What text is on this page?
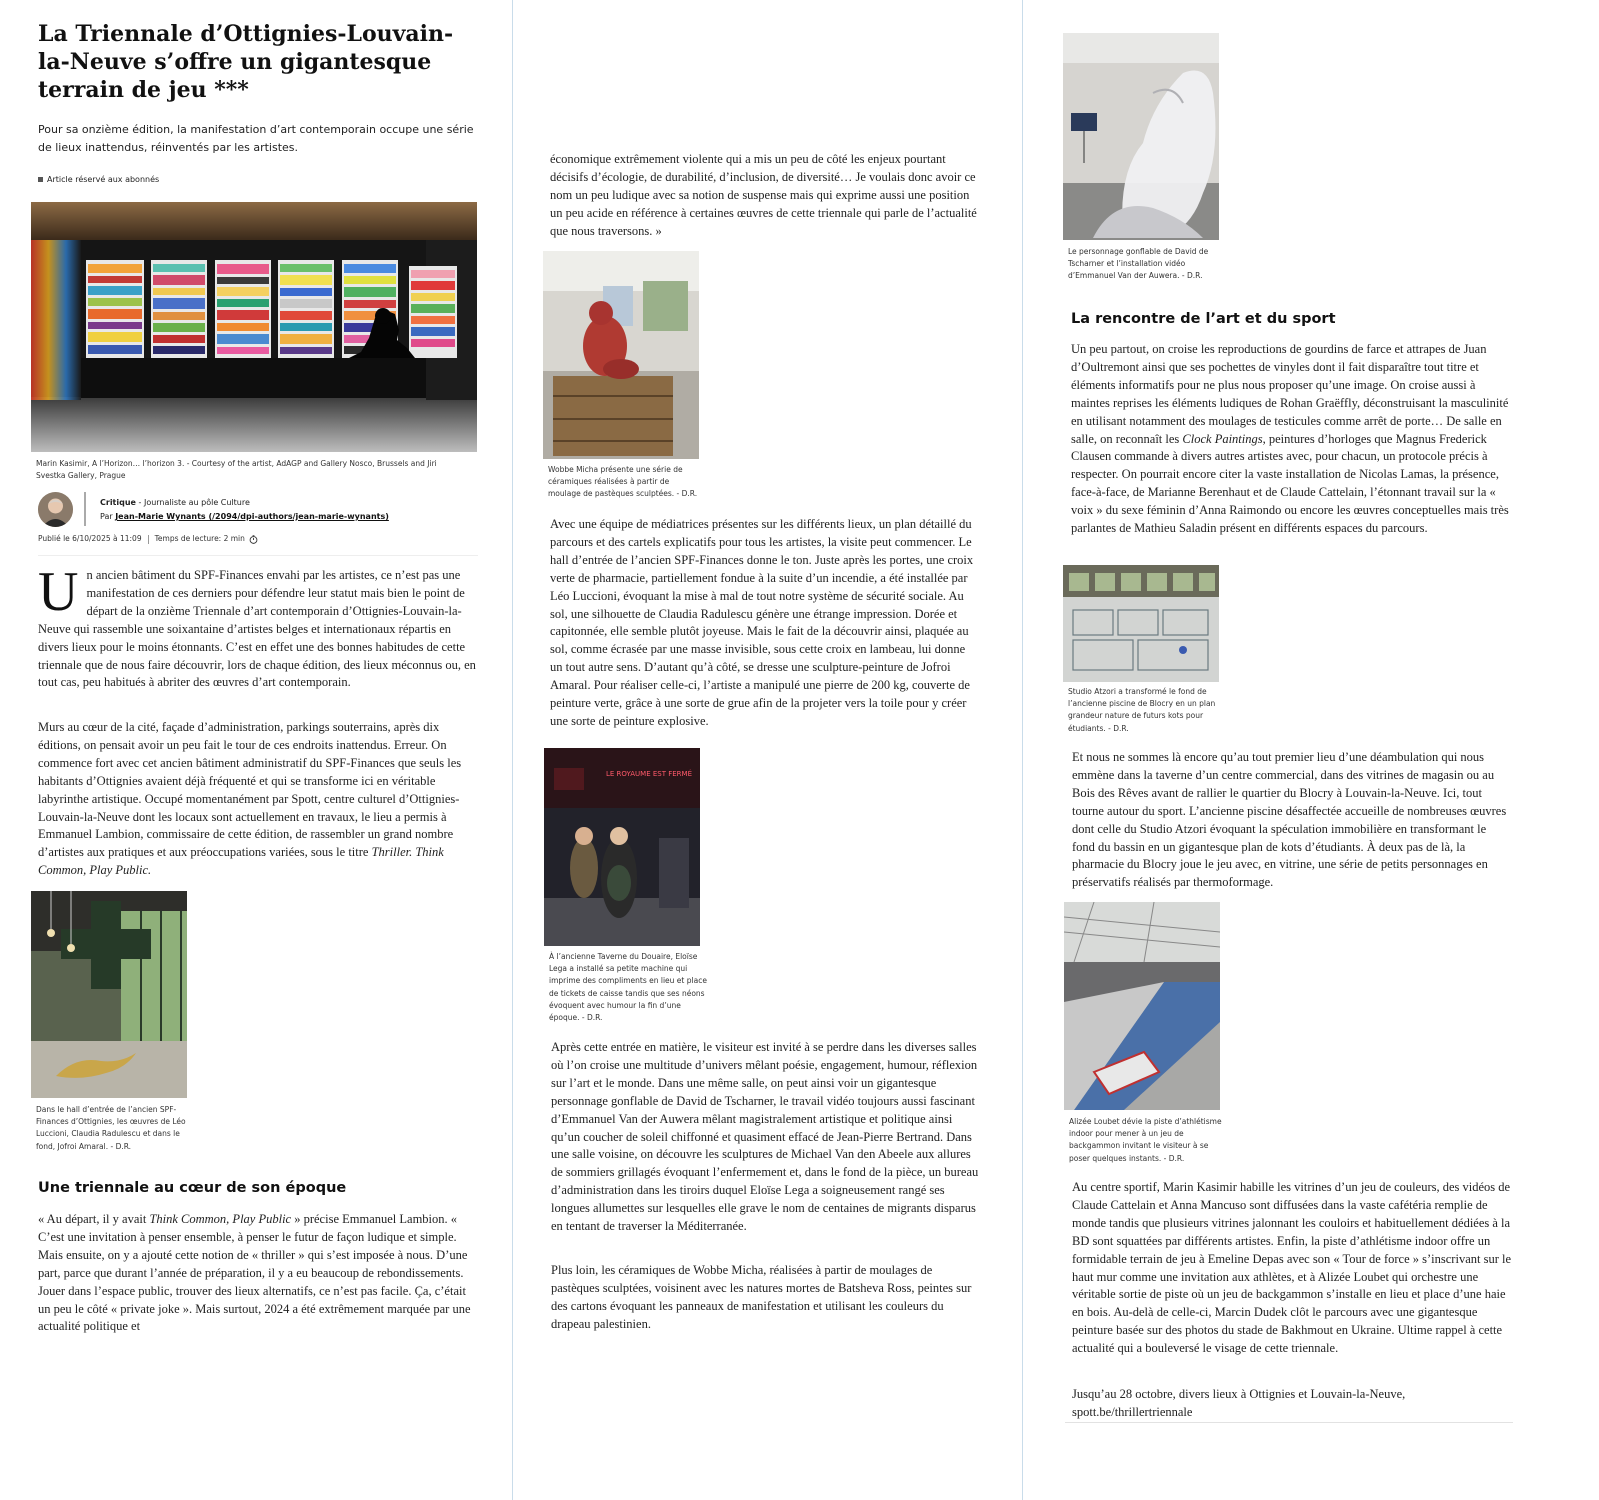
La Triennale d’Ottignies-Louvain-la-Neuve s’offre un gigantesque terrain de jeu ***

Pour sa onzième édition, la manifestation d’art contemporain occupe une série de lieux inattendus, réinventés par les artistes.

Article réservé aux abonnés

Marin Kasimir, A l’Horizon… l’horizon 3. - Courtesy of the artist, AdAGP and Gallery Nosco, Brussels and Jiri Svestka Gallery, Prague

Critique - Journaliste au pôle Culture
Par Jean-Marie Wynants (/2094/dpi-authors/jean-marie-wynants)
Publié le 6/10/2025 à 11:09 Temps de lecture: 2 min
Un ancien bâtiment du SPF-Finances envahi par les artistes, ce n’est pas une manifestation de ces derniers pour défendre leur statut mais bien le point de départ de la onzième Triennale d’art contemporain d’Ottignies-Louvain-la-Neuve qui rassemble une soixantaine d’artistes belges et internationaux répartis en divers lieux pour le moins étonnants. C’est en effet une des bonnes habitudes de cette triennale que de nous faire découvrir, lors de chaque édition, des lieux méconnus ou, en tout cas, peu habitués à abriter des œuvres d’art contemporain.

Murs au cœur de la cité, façade d’administration, parkings souterrains, après dix éditions, on pensait avoir un peu fait le tour de ces endroits inattendus. Erreur. On commence fort avec cet ancien bâtiment administratif du SPF-Finances que seuls les habitants d’Ottignies avaient déjà fréquenté et qui se transforme ici en véritable labyrinthe artistique. Occupé momentanément par Spott, centre culturel d’Ottignies-Louvain-la-Neuve dont les locaux sont actuellement en travaux, le lieu a permis à Emmanuel Lambion, commissaire de cette édition, de rassembler un grand nombre d’artistes aux pratiques et aux préoccupations variées, sous le titre Thriller. Think Common, Play Public.

Dans le hall d’entrée de l’ancien SPF-Finances d’Ottignies, les œuvres de Léo Luccioni, Claudia Radulescu et dans le fond, Jofroi Amaral. - D.R.

Une triennale au cœur de son époque

« Au départ, il y avait Think Common, Play Public » précise Emmanuel Lambion. « C’est une invitation à penser ensemble, à penser le futur de façon ludique et simple. Mais ensuite, on y a ajouté cette notion de « thriller » qui s’est imposée à nous. D’une part, parce que durant l’année de préparation, il y a eu beaucoup de rebondissements. Jouer dans l’espace public, trouver des lieux alternatifs, ce n’est pas facile. Ça, c’était un peu le côté « private joke ». Mais surtout, 2024 a été extrêmement marquée par une actualité politique et

économique extrêmement violente qui a mis un peu de côté les enjeux pourtant décisifs d’écologie, de durabilité, d’inclusion, de diversité… Je voulais donc avoir ce nom un peu ludique avec sa notion de suspense mais qui exprime aussi une position un peu acide en référence à certaines œuvres de cette triennale qui parle de l’actualité que nous traversons. »

Wobbe Micha présente une série de céramiques réalisées à partir de moulage de pastèques sculptées. - D.R.

Avec une équipe de médiatrices présentes sur les différents lieux, un plan détaillé du parcours et des cartels explicatifs pour tous les artistes, la visite peut commencer. Le hall d’entrée de l’ancien SPF-Finances donne le ton. Juste après les portes, une croix verte de pharmacie, partiellement fondue à la suite d’un incendie, a été installée par Léo Luccioni, évoquant la mise à mal de tout notre système de sécurité sociale. Au sol, une silhouette de Claudia Radulescu génère une étrange impression. Dorée et capitonnée, elle semble plutôt joyeuse. Mais le fait de la découvrir ainsi, plaquée au sol, comme écrasée par une masse invisible, sous cette croix en lambeau, lui donne un tout autre sens. D’autant qu’à côté, se dresse une sculpture-peinture de Jofroi Amaral. Pour réaliser celle-ci, l’artiste a manipulé une pierre de 200 kg, couverte de peinture verte, grâce à une sorte de grue afin de la projeter vers la toile pour y créer une sorte de peinture explosive.

LE ROYAUME EST FERMÉ

À l’ancienne Taverne du Douaire, Eloïse Lega a installé sa petite machine qui imprime des compliments en lieu et place de tickets de caisse tandis que ses néons évoquent avec humour la fin d’une époque. - D.R.

Après cette entrée en matière, le visiteur est invité à se perdre dans les diverses salles où l’on croise une multitude d’univers mêlant poésie, engagement, humour, réflexion sur l’art et le monde. Dans une même salle, on peut ainsi voir un gigantesque personnage gonflable de David de Tscharner, le travail vidéo toujours aussi fascinant d’Emmanuel Van der Auwera mêlant magistralement artistique et politique ainsi qu’un coucher de soleil chiffonné et quasiment effacé de Jean-Pierre Bertrand. Dans une salle voisine, on découvre les sculptures de Michael Van den Abeele aux allures de sommiers grillagés évoquant l’enfermement et, dans le fond de la pièce, un bureau d’administration dans les tiroirs duquel Eloïse Lega a soigneusement rangé ses longues allumettes sur lesquelles elle grave le nom de centaines de migrants disparus en tentant de traverser la Méditerranée.

Plus loin, les céramiques de Wobbe Micha, réalisées à partir de moulages de pastèques sculptées, voisinent avec les natures mortes de Batsheva Ross, peintes sur des cartons évoquant les panneaux de manifestation et utilisant les couleurs du drapeau palestinien.

Le personnage gonflable de David de Tscharner et l’installation vidéo d’Emmanuel Van der Auwera. - D.R.

La rencontre de l’art et du sport

Un peu partout, on croise les reproductions de gourdins de farce et attrapes de Juan d’Oultremont ainsi que ses pochettes de vinyles dont il fait disparaître tout titre et éléments informatifs pour ne plus nous proposer qu’une image. On croise aussi à maintes reprises les éléments ludiques de Rohan Graëffly, déconstruisant la masculinité en utilisant notamment des moulages de testicules comme arrêt de porte… De salle en salle, on reconnaît les Clock Paintings, peintures d’horloges que Magnus Frederick Clausen commande à divers autres artistes avec, pour chacun, un protocole précis à respecter. On pourrait encore citer la vaste installation de Nicolas Lamas, la présence, face-à-face, de Marianne Berenhaut et de Claude Cattelain, l’étonnant travail sur la « voix » du sexe féminin d’Anna Raimondo ou encore les œuvres conceptuelles mais très parlantes de Mathieu Saladin présent en différents espaces du parcours.

Studio Atzori a transformé le fond de l’ancienne piscine de Blocry en un plan grandeur nature de futurs kots pour étudiants. - D.R.

Et nous ne sommes là encore qu’au tout premier lieu d’une déambulation qui nous emmène dans la taverne d’un centre commercial, dans des vitrines de magasin ou au Bois des Rêves avant de rallier le quartier du Blocry à Louvain-la-Neuve. Ici, tout tourne autour du sport. L’ancienne piscine désaffectée accueille de nombreuses œuvres dont celle du Studio Atzori évoquant la spéculation immobilière en transformant le fond du bassin en un gigantesque plan de kots d’étudiants. À deux pas de là, la pharmacie du Blocry joue le jeu avec, en vitrine, une série de petits personnages en préservatifs réalisés par thermoformage.

Alizée Loubet dévie la piste d’athlétisme indoor pour mener à un jeu de backgammon invitant le visiteur à se poser quelques instants. - D.R.

Au centre sportif, Marin Kasimir habille les vitrines d’un jeu de couleurs, des vidéos de Claude Cattelain et Anna Mancuso sont diffusées dans la vaste cafétéria remplie de monde tandis que plusieurs vitrines jalonnant les couloirs et habituellement dédiées à la BD sont squattées par différents artistes. Enfin, la piste d’athlétisme indoor offre un formidable terrain de jeu à Emeline Depas avec son « Tour de force » s’inscrivant sur le haut mur comme une invitation aux athlètes, et à Alizée Loubet qui orchestre une véritable sortie de piste où un jeu de backgammon s’installe en lieu et place d’une haie en bois. Au-delà de celle-ci, Marcin Dudek clôt le parcours avec une gigantesque peinture basée sur des photos du stade de Bakhmout en Ukraine. Ultime rappel à cette actualité qui a bouleversé le visage de cette triennale.

Jusqu’au 28 octobre, divers lieux à Ottignies et Louvain-la-Neuve,
spott.be/thrillertriennale
